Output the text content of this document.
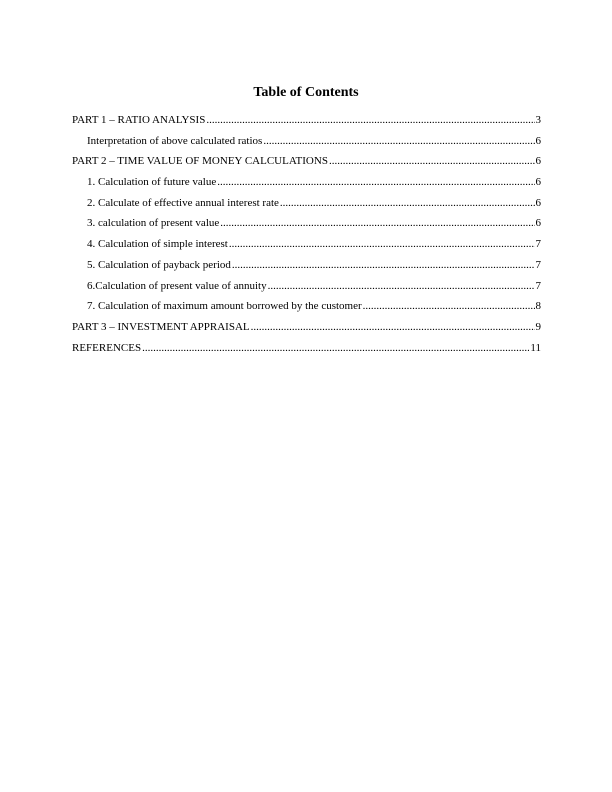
Table of Contents
PART 1 – RATIO ANALYSIS .....	3
Interpretation of above calculated ratios .....	6
PART 2 – TIME VALUE OF MONEY CALCULATIONS .....	6
1. Calculation of future value .....	6
2. Calculate of effective annual interest rate .....	6
3. calculation of present value .....	6
4. Calculation of simple interest .....	7
5. Calculation of payback period .....	7
6.Calculation of present value of annuity .....	7
7. Calculation of maximum amount borrowed by the customer .....	8
PART 3 – INVESTMENT APPRAISAL .....	9
REFERENCES .....	11
